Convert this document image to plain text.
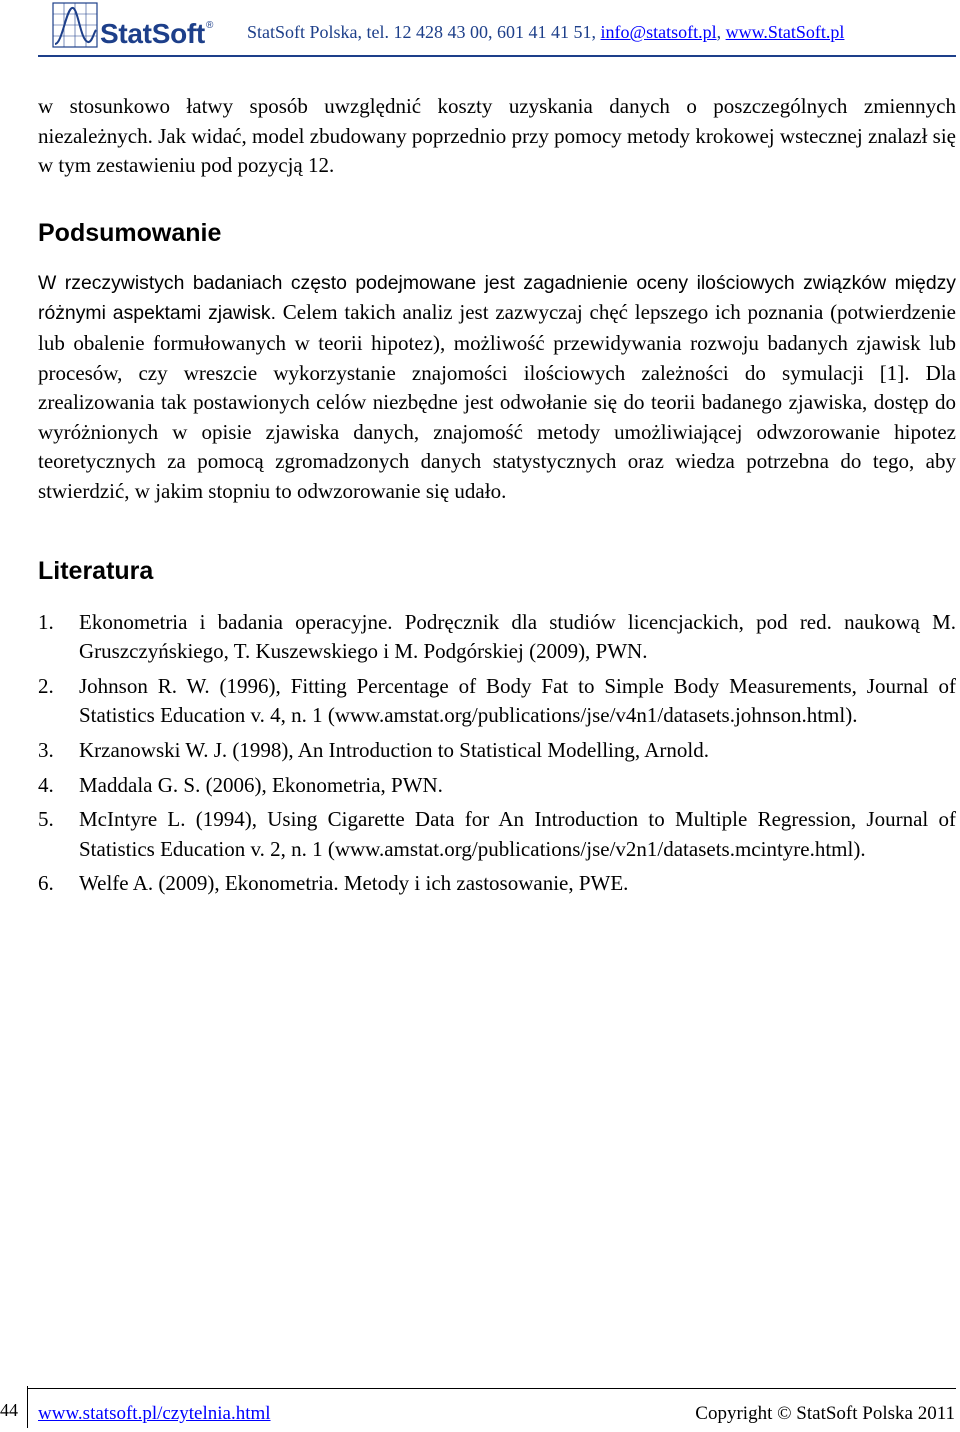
StatSoft® StatSoft Polska, tel. 12 428 43 00, 601 41 41 51, info@statsoft.pl, www.StatSoft.pl

w stosunkowo łatwy sposób uwzględnić koszty uzyskania danych o poszczególnych zmiennych niezależnych. Jak widać, model zbudowany poprzednio przy pomocy metody krokowej wstecznej znalazł się w tym zestawieniu pod pozycją 12.

Podsumowanie

W rzeczywistych badaniach często podejmowane jest zagadnienie oceny ilościowych związków między różnymi aspektami zjawisk. Celem takich analiz jest zazwyczaj chęć lepszego ich poznania (potwierdzenie lub obalenie formułowanych w teorii hipotez), możliwość przewidywania rozwoju badanych zjawisk lub procesów, czy wreszcie wykorzystanie znajomości ilościowych zależności do symulacji [1]. Dla zrealizowania tak postawionych celów niezbędne jest odwołanie się do teorii badanego zjawiska, dostęp do wyróżnionych w opisie zjawiska danych, znajomość metody umożliwiającej odwzorowanie hipotez teoretycznych za pomocą zgromadzonych danych statystycznych oraz wiedza potrzebna do tego, aby stwierdzić, w jakim stopniu to odwzorowanie się udało.

Literatura
1. Ekonometria i badania operacyjne. Podręcznik dla studiów licencjackich, pod red. naukową M. Gruszczyńskiego, T. Kuszewskiego i M. Podgórskiej (2009), PWN.
2. Johnson R. W. (1996), Fitting Percentage of Body Fat to Simple Body Measurements, Journal of Statistics Education v. 4, n. 1 (www.amstat.org/publications/jse/v4n1/datasets.johnson.html).
3. Krzanowski W. J. (1998), An Introduction to Statistical Modelling, Arnold.
4. Maddala G. S. (2006), Ekonometria, PWN.
5. McIntyre L. (1994), Using Cigarette Data for An Introduction to Multiple Regression, Journal of Statistics Education v. 2, n. 1 (www.amstat.org/publications/jse/v2n1/datasets.mcintyre.html).
6. Welfe A. (2009), Ekonometria. Metody i ich zastosowanie, PWE.
44 www.statsoft.pl/czytelnia.html	Copyright © StatSoft Polska 2011
